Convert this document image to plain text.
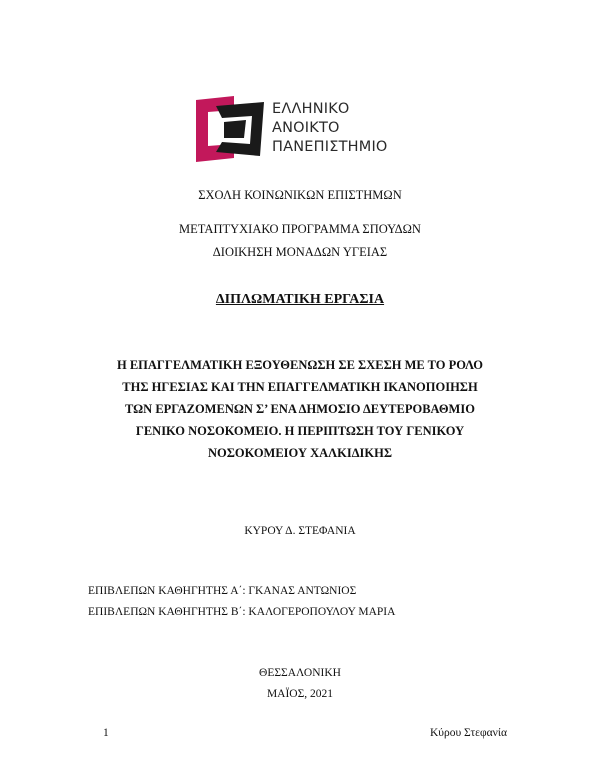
ΕΛΛΗΝΙΚΟ
ΑΝΟΙΚΤΟ
ΠΑΝΕΠΙΣΤΗΜΙΟ
ΣΧΟΛΗ ΚΟΙΝΩΝΙΚΩΝ ΕΠΙΣΤΗΜΩΝ
ΜΕΤΑΠΤΥΧΙΑΚΟ ΠΡΟΓΡΑΜΜΑ ΣΠΟΥΔΩΝ
ΔΙΟΙΚΗΣΗ ΜΟΝΑΔΩΝ ΥΓΕΙΑΣ
ΔΙΠΛΩΜΑΤΙΚΗ ΕΡΓΑΣΙΑ
Η ΕΠΑΓΓΕΛΜΑΤΙΚΗ ΕΞΟΥΘΕΝΩΣΗ ΣΕ ΣΧΕΣΗ ΜΕ ΤΟ ΡΟΛΟ
ΤΗΣ ΗΓΕΣΙΑΣ ΚΑΙ ΤΗΝ ΕΠΑΓΓΕΛΜΑΤΙΚΗ ΙΚΑΝΟΠΟΙΗΣΗ
ΤΩΝ ΕΡΓΑΖΟΜΕΝΩΝ Σ’ ΕΝΑ ΔΗΜΟΣΙΟ ΔΕΥΤΕΡΟΒΑΘΜΙΟ
ΓΕΝΙΚΟ ΝΟΣΟΚΟΜΕΙΟ. Η ΠΕΡΙΠΤΩΣΗ ΤΟΥ ΓΕΝΙΚΟΥ
ΝΟΣΟΚΟΜΕΙΟΥ ΧΑΛΚΙΔΙΚΗΣ
ΚΥΡΟΥ Δ. ΣΤΕΦΑΝΙΑ
ΕΠΙΒΛΕΠΩΝ ΚΑΘΗΓΗΤΗΣ Α΄: ΓΚΑΝΑΣ ΑΝΤΩΝΙΟΣ
ΕΠΙΒΛΕΠΩΝ ΚΑΘΗΓΗΤΗΣ Β΄: ΚΑΛΟΓΕΡΟΠΟΥΛΟΥ ΜΑΡΙΑ
ΘΕΣΣΑΛΟΝΙΚΗ
ΜΑΪΟΣ, 2021
1	Κύρου Στεφανία
